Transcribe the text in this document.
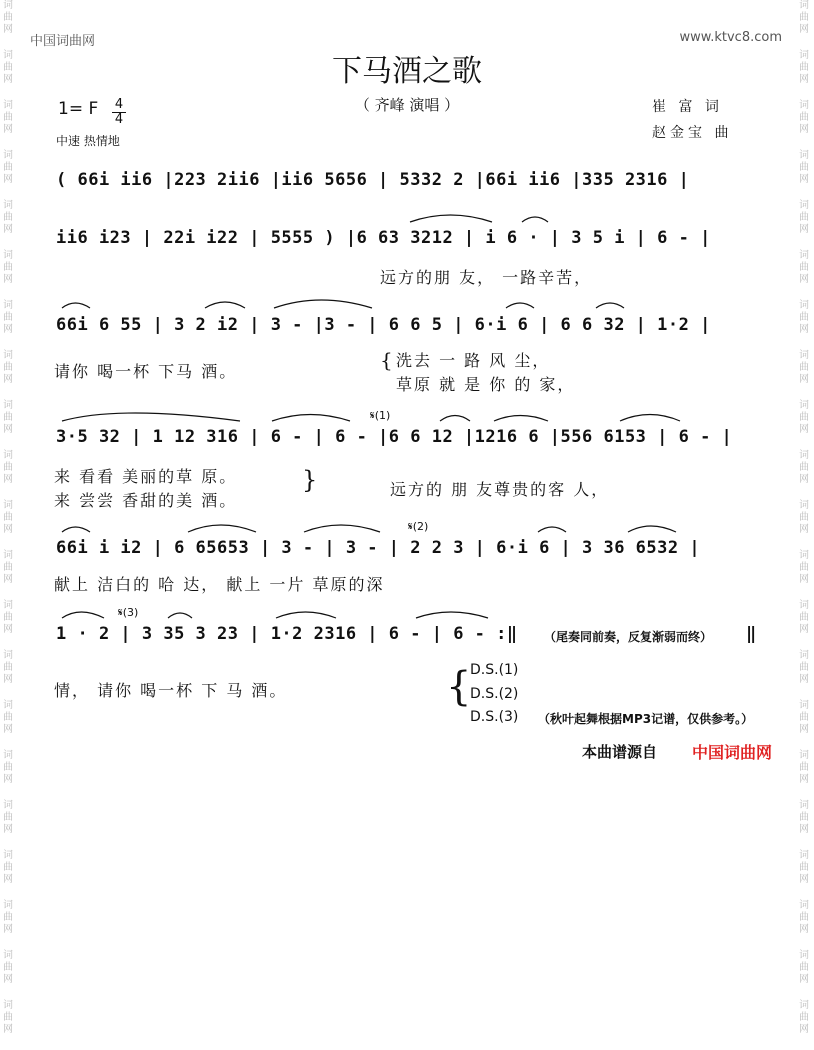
词
曲
网
词
曲
网
词
曲
网
词
曲
网
词
曲
网
词
曲
网
词
曲
网
词
曲
网
词
曲
网
词
曲
网
词
曲
网
词
曲
网
词
曲
网
词
曲
网
词
曲
网
词
曲
网
词
曲
网
词
曲
网
词
曲
网
词
曲
网
词
曲
网
词
曲
网
词
曲
网
词
曲
网
词
曲
网
词
曲
网
词
曲
网
词
曲
网
词
曲
网
词
曲
网
词
曲
网
词
曲
网
词
曲
网
词
曲
网
词
曲
网
词
曲
网
词
曲
网
词
曲
网
词
曲
网
词
曲
网
词
曲
网
词
曲
网
中国词曲网	www.ktvc8.com
下马酒之歌
（ 齐峰 演唱 ）
1= F 4
4
中速 热情地
崔 富 词
赵金宝 曲
( 66i ii6 |223 2ii6 |ii6 5656 | 5332 2 |66i ii6 |335 2316 |
ii6 i23 | 22i i22 | 5555 ) |6 63 3212 | i 6 · | 3 5 i | 6 - |
远方的朋 友， 一路辛苦，
66i 6 55 | 3 2 i2 | 3 - |3 - | 6 6 5 | 6·i 6 | 6 6 32 | 1·2 |
请你 喝一杯 下马 酒。	{ 洗去 一 路 风 尘，
草原 就 是 你 的 家，
𝄋(1)
3·5 32 | 1 12 316 | 6 - | 6 - |6 6 12 |1216 6 |556 6153 | 6 - |
来 看看 美丽的草 原。
来 尝尝 香甜的美 酒。
}	远方的 朋 友尊贵的客 人，
𝄋(2)
66i i i2 | 6 65653 | 3 - | 3 - | 2 2 3 | 6·i 6 | 3 36 6532 |
献上 洁白的 哈 达， 献上 一片 草原的深
𝄋(3)
1 · 2 | 3 35 3 23 | 1·2 2316 | 6 - | 6 - :‖ （尾奏同前奏，反复渐弱而终） ‖
情， 请你 喝一杯 下 马 酒。	{
D.S.(1)
D.S.(2)
D.S.(3) （秋叶起舞根据MP3记谱，仅供参考。）
本曲谱源自 中国词曲网
